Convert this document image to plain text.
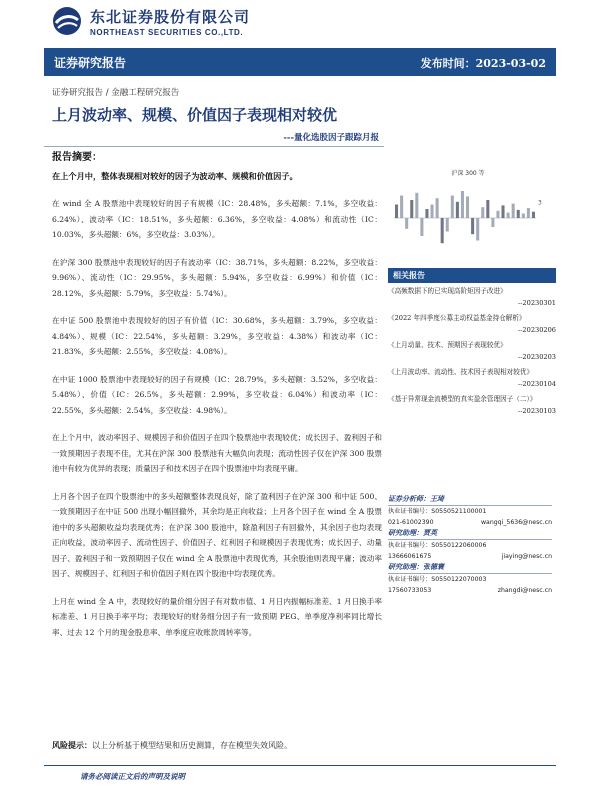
东北证券股份有限公司
NORTHEAST SECURITIES CO.,LTD.
证券研究报告	发布时间：2023-03-02
证券研究报告 / 金融工程研究报告
上月波动率、规模、价值因子表现相对较优
---量化选股因子跟踪月报
报告摘要：
在上个月中，整体表现相对较好的因子为波动率、规模和价值因子。

在 wind 全 A 股票池中表现较好的因子有规模（IC：28.48%，多头超额：7.1%，多空收益：6.24%）、波动率（IC：18.51%，多头超额：6.36%，多空收益：4.08%）和流动性（IC：10.03%，多头超额：6%，多空收益：3.03%）。

在沪深 300 股票池中表现较好的因子有波动率（IC：38.71%，多头超额：8.22%，多空收益：9.96%）、流动性（IC：29.95%，多头超额：5.94%，多空收益：6.99%）和价值（IC：28.12%，多头超额：5.79%，多空收益：5.74%）。

在中证 500 股票池中表现较好的因子有价值（IC：30.68%，多头超额：3.79%，多空收益：4.84%）、规模（IC：22.54%，多头超额：3.29%，多空收益：4.38%）和波动率（IC：21.83%，多头超额：2.55%，多空收益：4.08%）。

在中证 1000 股票池中表现较好的因子有规模（IC：28.79%，多头超额：3.52%，多空收益：5.48%）、价值（IC：26.5%，多头超额：2.99%，多空收益：6.04%）和波动率（IC：22.55%，多头超额：2.54%，多空收益：4.98%）。

在上个月中，波动率因子、规模因子和价值因子在四个股票池中表现较优；成长因子、盈利因子和一致预期因子表现不佳，尤其在沪深 300 股票池有大幅负向表现；流动性因子仅在沪深 300 股票池中有较为优异的表现；质量因子和技术因子在四个股票池中均表现平庸。

上月各个因子在四个股票池中的多头超额整体表现良好，除了盈利因子在沪深 300 和中证 500、一致预期因子在中证 500 出现小幅回撤外，其余均是正向收益；上月各个因子在 wind 全 A 股票池中的多头超额收益均表现优秀；在沪深 300 股池中，除盈利因子有回撤外，其余因子也均表现正向收益，波动率因子、流动性因子、价值因子、红利因子和规模因子表现优秀；成长因子、动量因子、盈利因子和一致预期因子仅在 wind 全 A 股票池中表现优秀，其余股池则表现平庸；波动率因子、规模因子、红利因子和价值因子则在四个股池中均表现优秀。

上月在 wind 全 A 中，表现较好的量价细分因子有对数市值、1 月日内振幅标准差、1 月日换手率标准差、1 月日换手率平均；表现较好的财务细分因子有一致预期 PEG、单季度净利率同比增长率、过去 12 个月的现金股息率、单季度应收账款周转率等。

沪深 300 等
3
相关报告
《高频数据下的已实现高阶矩因子改进》
--20230301
《2022 年四季度公募主动权益基金持仓解析》
--20230206
《上月动量、技术、预期因子表现较优》
--20230203
《上月波动率、流动性、技术因子表现相对较优》
--20230104
《基于异常现金流模型的真实盈余管理因子（二）》
--20230103
证券分析师：王琦
执业证书编号：S0550521100001
021-61002390	wangqi_5636@nesc.cn
研究助理：贾英
执业证书编号：S0550122060006
13666061675	jiaying@nesc.cn
研究助理：张德寰
执业证书编号：S0550122070003
17560733053	zhangdi@nesc.cn
风险提示：以上分析基于模型结果和历史测算，存在模型失效风险。
请务必阅读正文后的声明及说明
